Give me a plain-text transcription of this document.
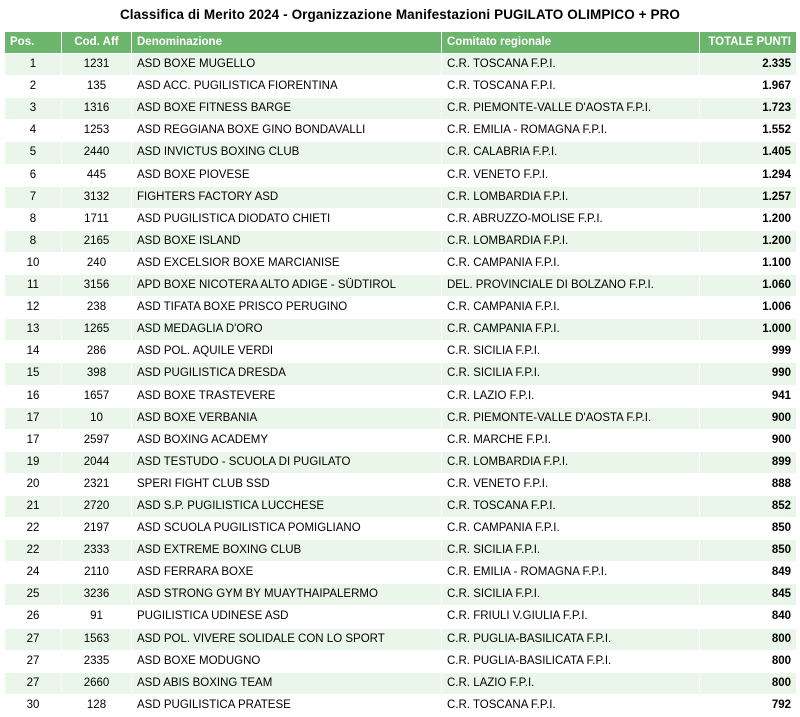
Classifica di Merito 2024 - Organizzazione Manifestazioni PUGILATO OLIMPICO + PRO
Pos.	Cod. Aff	Denominazione	Comitato regionale	TOTALE PUNTI
1	1231	ASD BOXE MUGELLO	C.R. TOSCANA F.P.I.	2.335
2	135	ASD ACC. PUGILISTICA FIORENTINA	C.R. TOSCANA F.P.I.	1.967
3	1316	ASD BOXE FITNESS BARGE	C.R. PIEMONTE-VALLE D'AOSTA F.P.I.	1.723
4	1253	ASD REGGIANA BOXE GINO BONDAVALLI	C.R. EMILIA - ROMAGNA F.P.I.	1.552
5	2440	ASD INVICTUS BOXING CLUB	C.R. CALABRIA F.P.I.	1.405
6	445	ASD BOXE PIOVESE	C.R. VENETO F.P.I.	1.294
7	3132	FIGHTERS FACTORY ASD	C.R. LOMBARDIA F.P.I.	1.257
8	1711	ASD PUGILISTICA DIODATO CHIETI	C.R. ABRUZZO-MOLISE F.P.I.	1.200
8	2165	ASD BOXE ISLAND	C.R. LOMBARDIA F.P.I.	1.200
10	240	ASD EXCELSIOR BOXE MARCIANISE	C.R. CAMPANIA F.P.I.	1.100
11	3156	APD BOXE NICOTERA ALTO ADIGE - SÜDTIROL	DEL. PROVINCIALE DI BOLZANO F.P.I.	1.060
12	238	ASD TIFATA BOXE PRISCO PERUGINO	C.R. CAMPANIA F.P.I.	1.006
13	1265	ASD MEDAGLIA D'ORO	C.R. CAMPANIA F.P.I.	1.000
14	286	ASD POL. AQUILE VERDI	C.R. SICILIA F.P.I.	999
15	398	ASD PUGILISTICA DRESDA	C.R. SICILIA F.P.I.	990
16	1657	ASD BOXE TRASTEVERE	C.R. LAZIO F.P.I.	941
17	10	ASD BOXE VERBANIA	C.R. PIEMONTE-VALLE D'AOSTA F.P.I.	900
17	2597	ASD BOXING ACADEMY	C.R. MARCHE F.P.I.	900
19	2044	ASD TESTUDO - SCUOLA DI PUGILATO	C.R. LOMBARDIA F.P.I.	899
20	2321	SPERI FIGHT CLUB SSD	C.R. VENETO F.P.I.	888
21	2720	ASD S.P. PUGILISTICA LUCCHESE	C.R. TOSCANA F.P.I.	852
22	2197	ASD SCUOLA PUGILISTICA POMIGLIANO	C.R. CAMPANIA F.P.I.	850
22	2333	ASD EXTREME BOXING CLUB	C.R. SICILIA F.P.I.	850
24	2110	ASD FERRARA BOXE	C.R. EMILIA - ROMAGNA F.P.I.	849
25	3236	ASD STRONG GYM BY MUAYTHAIPALERMO	C.R. SICILIA F.P.I.	845
26	91	PUGILISTICA UDINESE ASD	C.R. FRIULI V.GIULIA F.P.I.	840
27	1563	ASD POL. VIVERE SOLIDALE CON LO SPORT	C.R. PUGLIA-BASILICATA F.P.I.	800
27	2335	ASD BOXE MODUGNO	C.R. PUGLIA-BASILICATA F.P.I.	800
27	2660	ASD ABIS BOXING TEAM	C.R. LAZIO F.P.I.	800
30	128	ASD PUGILISTICA PRATESE	C.R. TOSCANA F.P.I.	792
